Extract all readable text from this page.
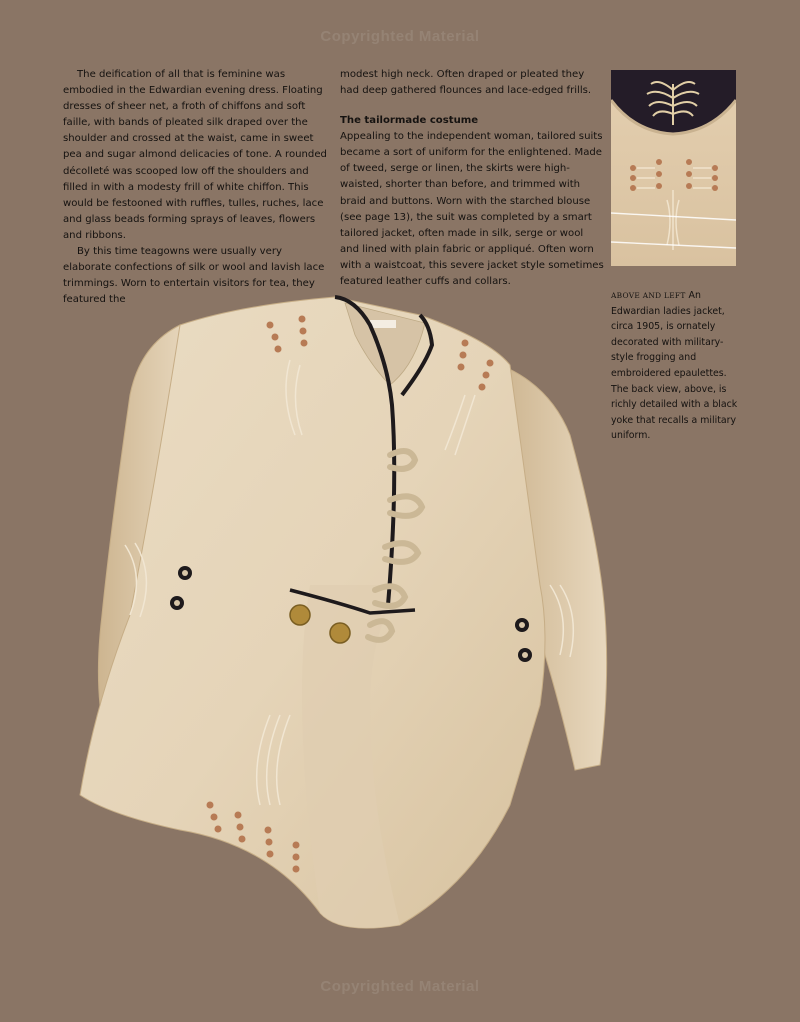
Copyrighted Material

The deification of all that is feminine was embodied in the Edwardian evening dress. Floating dresses of sheer net, a froth of chiffons and soft faille, with bands of pleated silk draped over the shoulder and crossed at the waist, came in sweet pea and sugar almond delicacies of tone. A rounded décolleté was scooped low off the shoulders and filled in with a modesty frill of white chiffon. This would be festooned with ruffles, tulles, ruches, lace and glass beads forming sprays of leaves, flowers and ribbons.

By this time teagowns were usually very elaborate confections of silk or wool and lavish lace trimmings. Worn to entertain visitors for tea, they featured the

modest high neck. Often draped or pleated they had deep gathered flounces and lace-edged frills.

The tailormade costume

Appealing to the independent woman, tailored suits became a sort of uniform for the enlightened. Made of tweed, serge or linen, the skirts were high-waisted, shorter than before, and trimmed with braid and buttons. Worn with the starched blouse (see page 13), the suit was completed by a smart tailored jacket, often made in silk, serge or wool and lined with plain fabric or appliqué. Often worn with a waistcoat, this severe jacket style sometimes featured leather cuffs and collars.

ABOVE AND LEFT An Edwardian ladies jacket, circa 1905, is ornately decorated with military-style frogging and embroidered epaulettes. The back view, above, is richly detailed with a black yoke that recalls a military uniform.
Copyrighted Material
